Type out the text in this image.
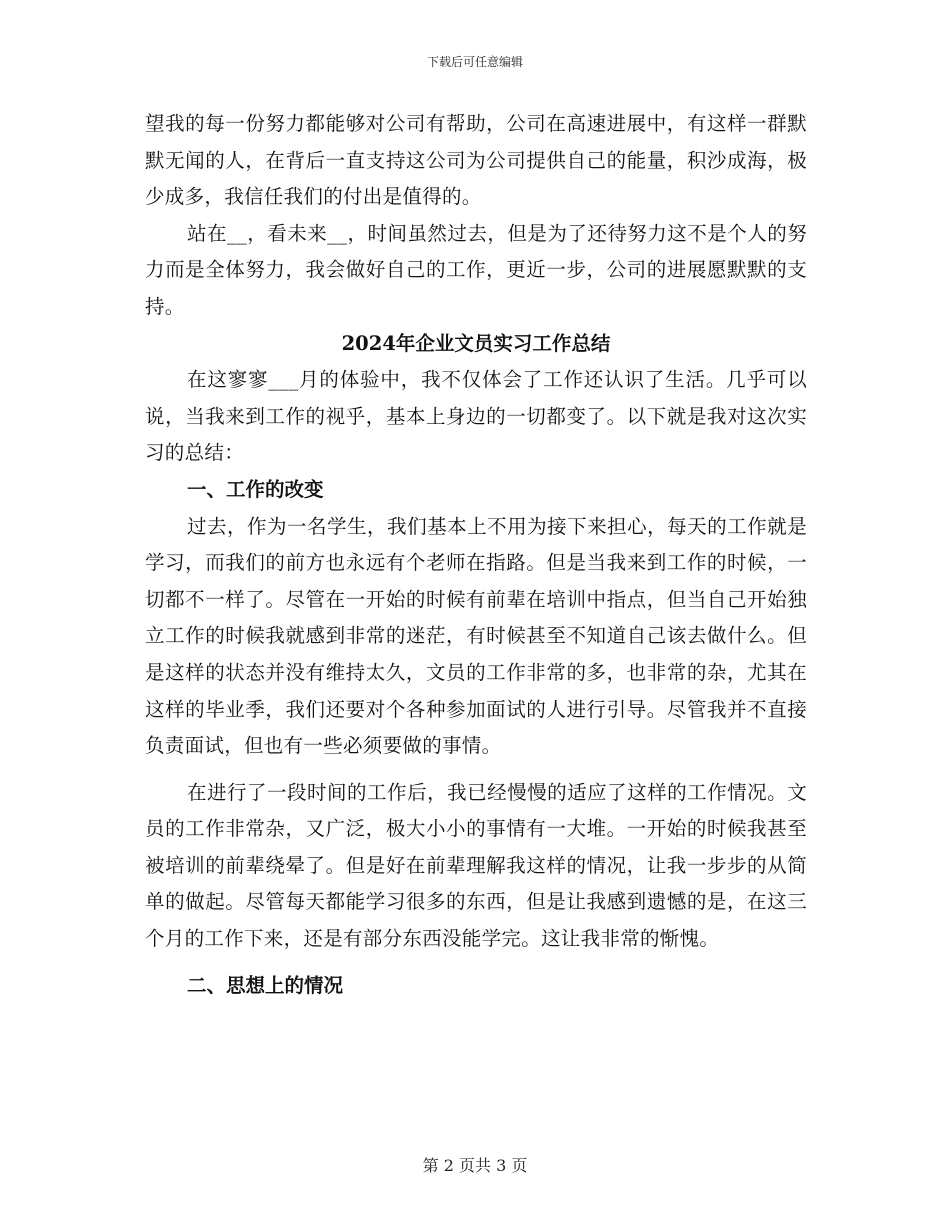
下载后可任意编辑

望我的每一份努力都能够对公司有帮助，公司在高速进展中，有这样一群默默无闻的人，在背后一直支持这公司为公司提供自己的能量，积沙成海，极少成多，我信任我们的付出是值得的。

站在__，看未来__，时间虽然过去，但是为了还待努力这不是个人的努力而是全体努力，我会做好自己的工作，更近一步，公司的进展愿默默的支持。

2024年企业文员实习工作总结

在这寥寥___月的体验中，我不仅体会了工作还认识了生活。几乎可以说，当我来到工作的视乎，基本上身边的一切都变了。以下就是我对这次实习的总结：

一、工作的改变

过去，作为一名学生，我们基本上不用为接下来担心，每天的工作就是学习，而我们的前方也永远有个老师在指路。但是当我来到工作的时候，一切都不一样了。尽管在一开始的时候有前辈在培训中指点，但当自己开始独立工作的时候我就感到非常的迷茫，有时候甚至不知道自己该去做什么。但是这样的状态并没有维持太久，文员的工作非常的多，也非常的杂，尤其在这样的毕业季，我们还要对个各种参加面试的人进行引导。尽管我并不直接负责面试，但也有一些必须要做的事情。

在进行了一段时间的工作后，我已经慢慢的适应了这样的工作情况。文员的工作非常杂，又广泛，极大小小的事情有一大堆。一开始的时候我甚至被培训的前辈绕晕了。但是好在前辈理解我这样的情况，让我一步步的从简单的做起。尽管每天都能学习很多的东西，但是让我感到遗憾的是，在这三个月的工作下来，还是有部分东西没能学完。这让我非常的惭愧。

二、思想上的情况

第 2 页共 3 页
